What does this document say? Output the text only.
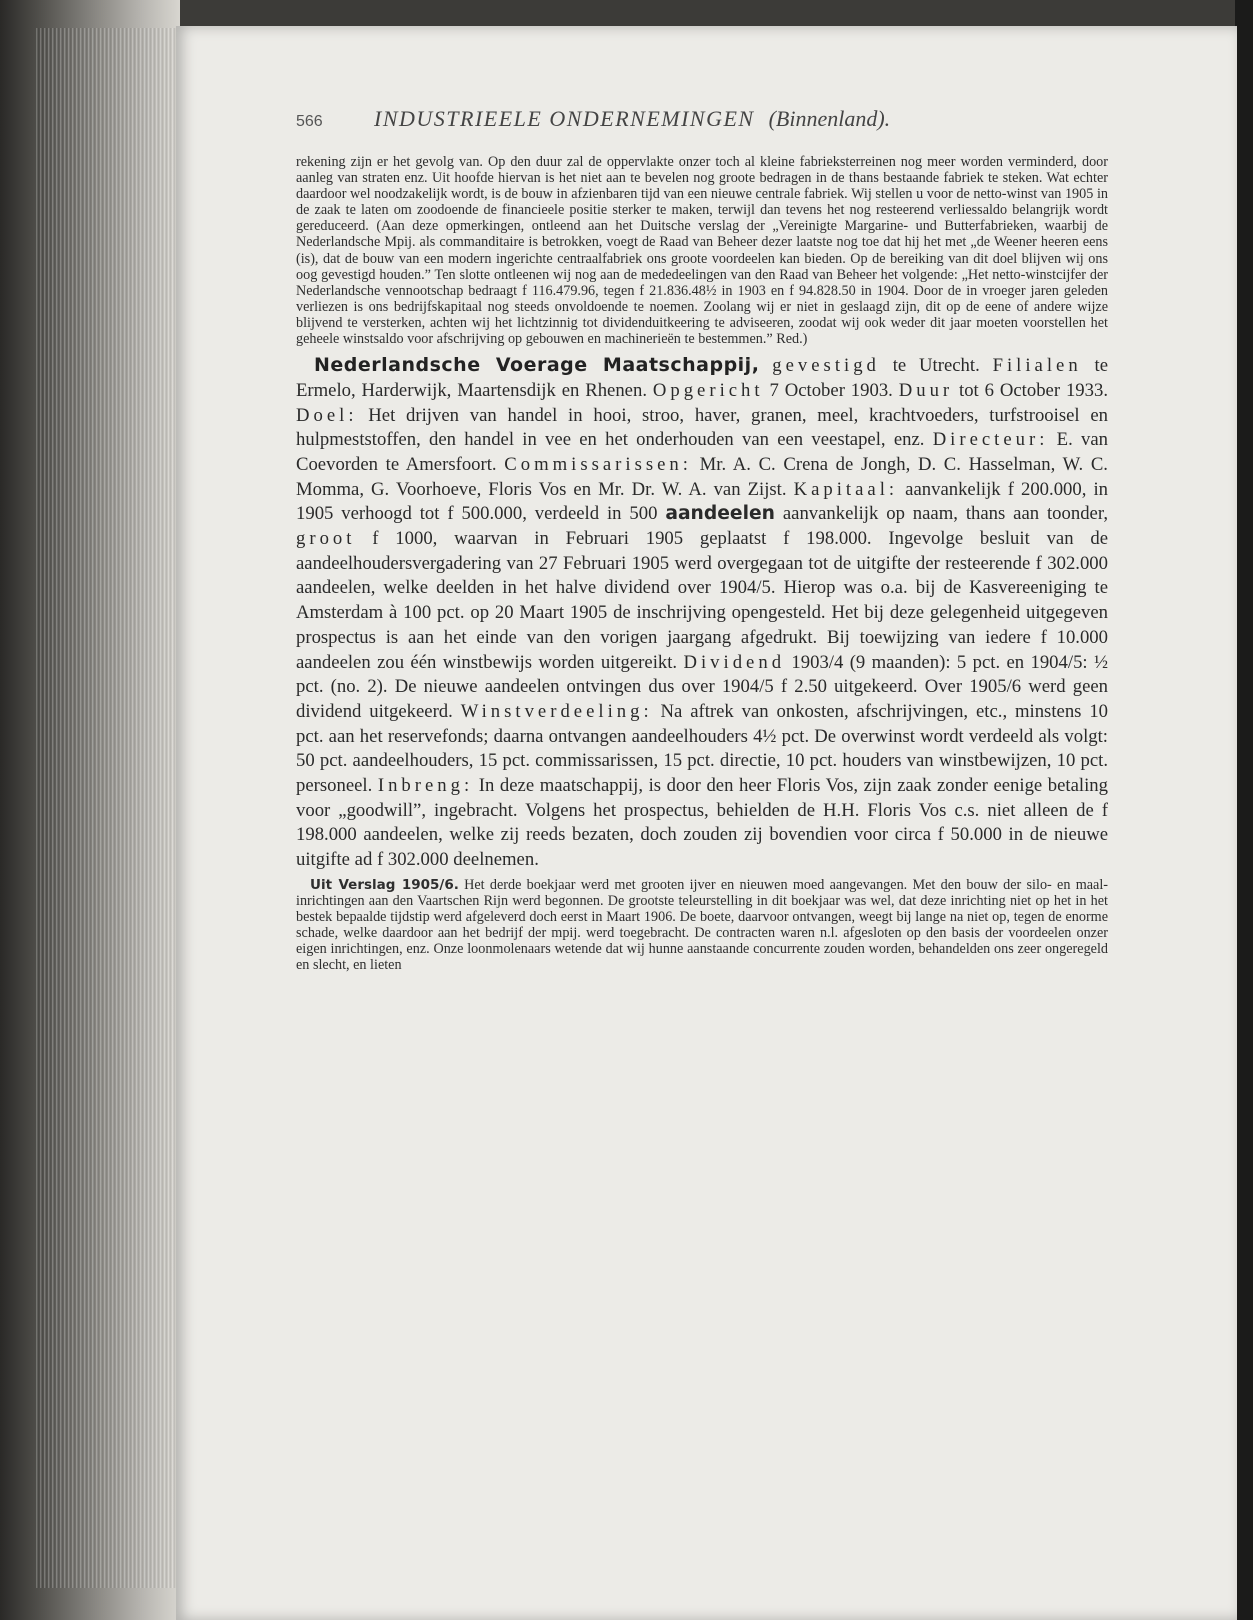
566	INDUSTRIEELE ONDERNEMINGEN (Binnenland).

rekening zijn er het gevolg van. Op den duur zal de oppervlakte onzer toch al kleine fabrieksterreinen nog meer worden verminderd, door aanleg van straten enz. Uit hoofde hiervan is het niet aan te bevelen nog groote bedragen in de thans bestaande fabriek te steken. Wat echter daardoor wel noodzakelijk wordt, is de bouw in afzienbaren tijd van een nieuwe centrale fabriek. Wij stellen u voor de netto-winst van 1905 in de zaak te laten om zoodoende de financieele positie sterker te maken, terwijl dan tevens het nog resteerend verliessaldo belangrijk wordt gereduceerd. (Aan deze opmerkingen, ontleend aan het Duitsche verslag der „Vereinigte Margarine- und Butterfabrieken, waarbij de Nederlandsche Mpij. als commanditaire is betrokken, voegt de Raad van Beheer dezer laatste nog toe dat hij het met „de Weener heeren eens (is), dat de bouw van een modern ingerichte centraalfabriek ons groote voordeelen kan bieden. Op de bereiking van dit doel blijven wij ons oog gevestigd houden.” Ten slotte ontleenen wij nog aan de mededeelingen van den Raad van Beheer het volgende: „Het netto-winstcijfer der Nederlandsche vennootschap bedraagt f 116.479.96, tegen f 21.836.48½ in 1903 en f 94.828.50 in 1904. Door de in vroeger jaren geleden verliezen is ons bedrijfskapitaal nog steeds onvoldoende te noemen. Zoolang wij er niet in geslaagd zijn, dit op de eene of andere wijze blijvend te versterken, achten wij het lichtzinnig tot dividenduitkeering te adviseeren, zoodat wij ook weder dit jaar moeten voorstellen het geheele winstsaldo voor afschrijving op gebouwen en machinerieën te bestemmen.” Red.)

Nederlandsche Voerage Maatschappij, gevestigd te Utrecht. Filialen te Ermelo, Harderwijk, Maartensdijk en Rhenen. Opgericht 7 October 1903. Duur tot 6 October 1933. Doel: Het drijven van handel in hooi, stroo, haver, granen, meel, krachtvoeders, turfstrooisel en hulpmeststoffen, den handel in vee en het onderhouden van een veestapel, enz. Directeur: E. van Coevorden te Amersfoort. Commissarissen: Mr. A. C. Crena de Jongh, D. C. Hasselman, W. C. Momma, G. Voorhoeve, Floris Vos en Mr. Dr. W. A. van Zijst. Kapitaal: aanvankelijk f 200.000, in 1905 verhoogd tot f 500.000, verdeeld in 500 aandeelen aanvankelijk op naam, thans aan toonder, groot f 1000, waarvan in Februari 1905 geplaatst f 198.000. Ingevolge besluit van de aandeelhoudersvergadering van 27 Februari 1905 werd overgegaan tot de uitgifte der resteerende f 302.000 aandeelen, welke deelden in het halve dividend over 1904/5. Hierop was o.a. bij de Kasvereeniging te Amsterdam à 100 pct. op 20 Maart 1905 de inschrijving opengesteld. Het bij deze gelegenheid uitgegeven prospectus is aan het einde van den vorigen jaargang afgedrukt. Bij toewijzing van iedere f 10.000 aandeelen zou één winstbewijs worden uitgereikt. Dividend 1903/4 (9 maanden): 5 pct. en 1904/5: ½ pct. (no. 2). De nieuwe aandeelen ontvingen dus over 1904/5 f 2.50 uitgekeerd. Over 1905/6 werd geen dividend uitgekeerd. Winstverdeeling: Na aftrek van onkosten, afschrijvingen, etc., minstens 10 pct. aan het reservefonds; daarna ontvangen aandeelhouders 4½ pct. De overwinst wordt verdeeld als volgt: 50 pct. aandeelhouders, 15 pct. commissarissen, 15 pct. directie, 10 pct. houders van winstbewijzen, 10 pct. personeel. Inbreng: In deze maatschappij, is door den heer Floris Vos, zijn zaak zonder eenige betaling voor „goodwill”, ingebracht. Volgens het prospectus, behielden de H.H. Floris Vos c.s. niet alleen de f 198.000 aandeelen, welke zij reeds bezaten, doch zouden zij bovendien voor circa f 50.000 in de nieuwe uitgifte ad f 302.000 deelnemen.

Uit Verslag 1905/6. Het derde boekjaar werd met grooten ijver en nieuwen moed aangevangen. Met den bouw der silo- en maal-inrichtingen aan den Vaartschen Rijn werd begonnen. De grootste teleurstelling in dit boekjaar was wel, dat deze inrichting niet op het in het bestek bepaalde tijdstip werd afgeleverd doch eerst in Maart 1906. De boete, daarvoor ontvangen, weegt bij lange na niet op, tegen de enorme schade, welke daardoor aan het bedrijf der mpij. werd toegebracht. De contracten waren n.l. afgesloten op den basis der voordeelen onzer eigen inrichtingen, enz. Onze loonmolenaars wetende dat wij hunne aanstaande concurrente zouden worden, behandelden ons zeer ongeregeld en slecht, en lieten
